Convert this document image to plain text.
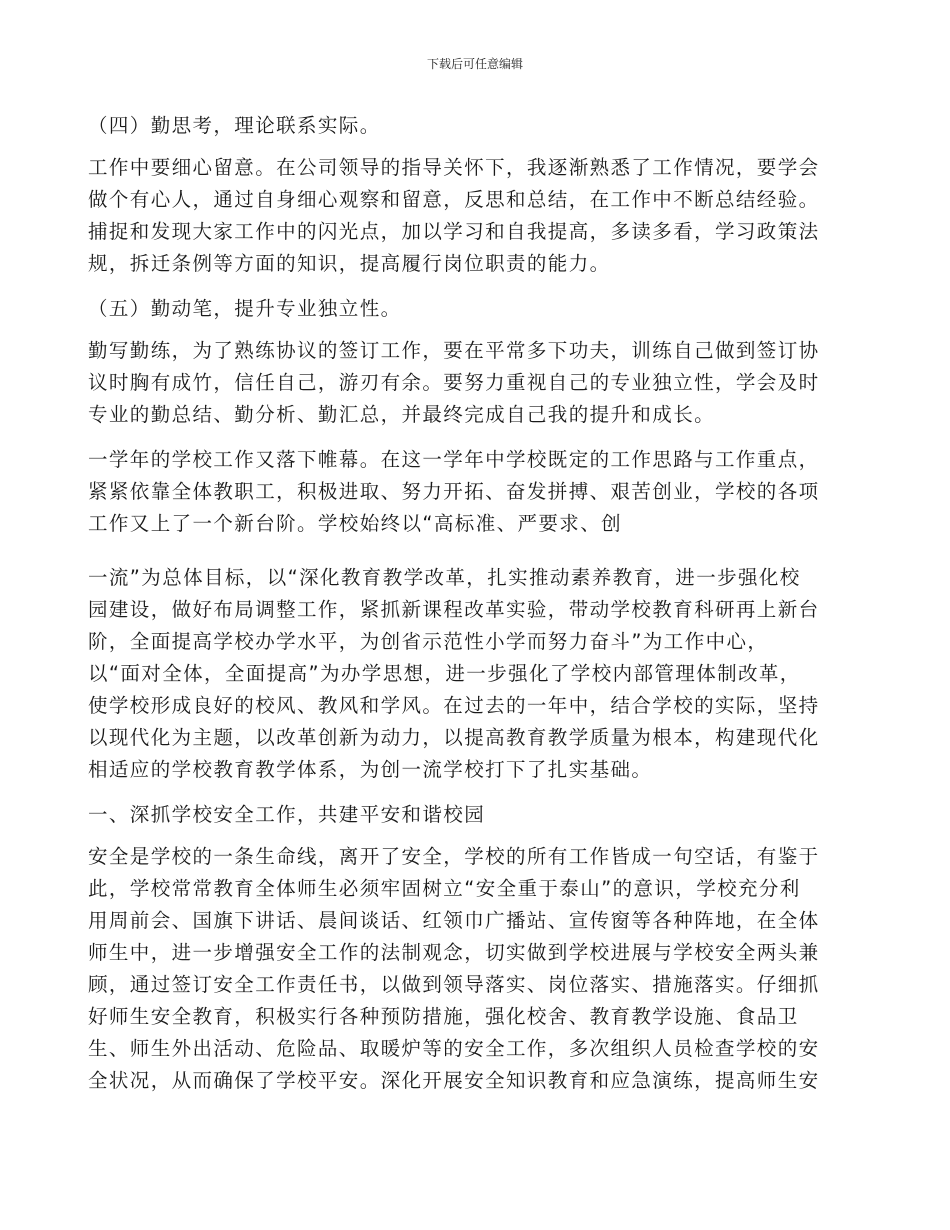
下载后可任意编辑

（四）勤思考，理论联系实际。

工作中要细心留意。在公司领导的指导关怀下，我逐渐熟悉了工作情况，要学会
做个有心人，通过自身细心观察和留意，反思和总结，在工作中不断总结经验。
捕捉和发现大家工作中的闪光点，加以学习和自我提高，多读多看，学习政策法
规，拆迁条例等方面的知识，提高履行岗位职责的能力。

（五）勤动笔，提升专业独立性。

勤写勤练，为了熟练协议的签订工作，要在平常多下功夫，训练自己做到签订协
议时胸有成竹，信任自己，游刃有余。要努力重视自己的专业独立性，学会及时
专业的勤总结、勤分析、勤汇总，并最终完成自己我的提升和成长。

一学年的学校工作又落下帷幕。在这一学年中学校既定的工作思路与工作重点，
紧紧依靠全体教职工，积极进取、努力开拓、奋发拼搏、艰苦创业，学校的各项
工作又上了一个新台阶。学校始终以“高标准、严要求、创

一流”为总体目标，以“深化教育教学改革，扎实推动素养教育，进一步强化校
园建设，做好布局调整工作，紧抓新课程改革实验，带动学校教育科研再上新台
阶，全面提高学校办学水平，为创省示范性小学而努力奋斗”为工作中心，
以“面对全体，全面提高”为办学思想，进一步强化了学校内部管理体制改革，
使学校形成良好的校风、教风和学风。在过去的一年中，结合学校的实际，坚持
以现代化为主题，以改革创新为动力，以提高教育教学质量为根本，构建现代化
相适应的学校教育教学体系，为创一流学校打下了扎实基础。

一、深抓学校安全工作，共建平安和谐校园

安全是学校的一条生命线，离开了安全，学校的所有工作皆成一句空话，有鉴于
此，学校常常教育全体师生必须牢固树立“安全重于泰山”的意识，学校充分利
用周前会、国旗下讲话、晨间谈话、红领巾广播站、宣传窗等各种阵地，在全体
师生中，进一步增强安全工作的法制观念，切实做到学校进展与学校安全两头兼
顾，通过签订安全工作责任书，以做到领导落实、岗位落实、措施落实。仔细抓
好师生安全教育，积极实行各种预防措施，强化校舍、教育教学设施、食品卫
生、师生外出活动、危险品、取暖炉等的安全工作，多次组织人员检查学校的安
全状况，从而确保了学校平安。深化开展安全知识教育和应急演练，提高师生安
